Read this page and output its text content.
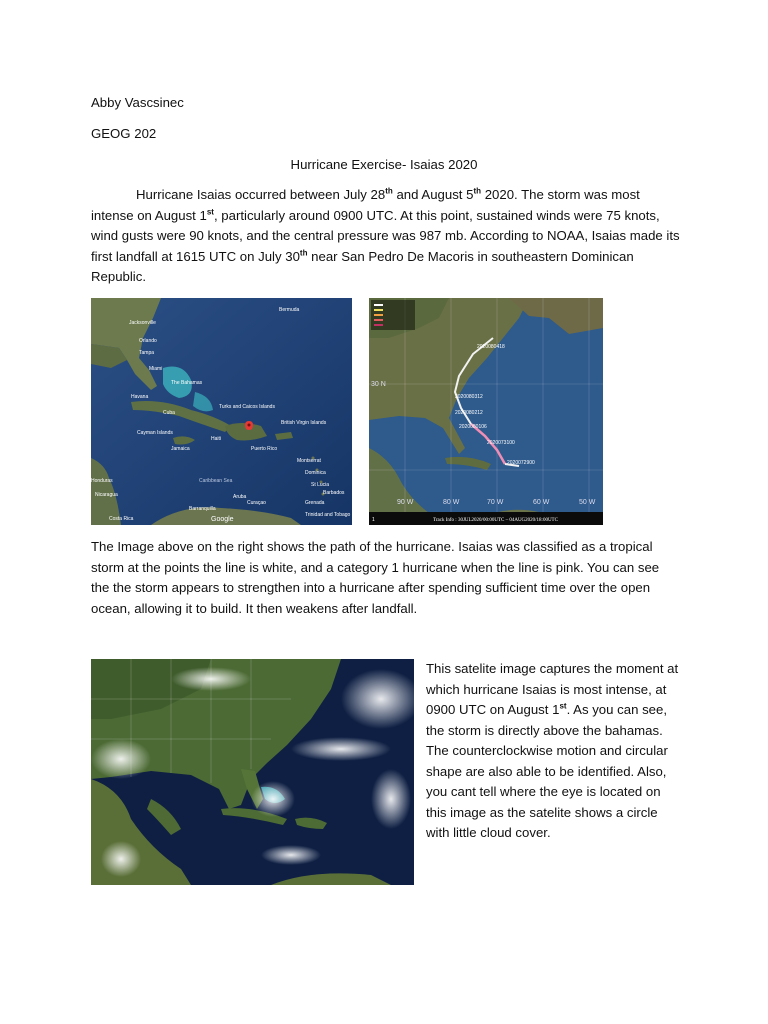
Abby Vascsinec
GEOG 202
Hurricane Exercise- Isaias 2020
Hurricane Isaias occurred between July 28th and August 5th 2020. The storm was most intense on August 1st, particularly around 0900 UTC. At this point, sustained winds were 75 knots, wind gusts were 90 knots, and the central pressure was 987 mb. According to NOAA, Isaias made its first landfall at 1615 UTC on July 30th near San Pedro De Macoris in southeastern Dominican Republic.
Bermuda
Jacksonville
Orlando
Tampa
Miami
The Bahamas
Havana
Cuba
Turks and Caicos Islands
Cayman Islands
Haiti
Jamaica	Puerto Rico
British Virgin Islands
Montserrat
Dominica
St Lucia
Barbados
Grenada
Trinidad and Tobago
Caribbean Sea
Honduras
Nicaragua
Costa Rica
Aruba
Curaçao
Barranquilla
Google
2020080418
2020080312
2020080212
2020080106
2020073100
2020072900
30 N
90 W	80 W	70 W	60 W	50 W
1	Track Info : 30JUL2020/00:00UTC – 04AUG2020/18:00UTC
The Image above on the right shows the path of the hurricane. Isaias was classified as a tropical storm at the points the line is white, and a category 1 hurricane when the line is pink. You can see the the storm appears to strengthen into a hurricane after spending sufficient time over the open ocean, allowing it to build. It then weakens after landfall.
This satelite image captures the moment at which hurricane Isaias is most intense, at 0900 UTC on August 1st. As you can see, the storm is directly above the bahamas. The counterclockwise motion and circular shape are also able to be identified. Also, you cant tell where the eye is located on this image as the satelite shows a circle with little cloud cover.
